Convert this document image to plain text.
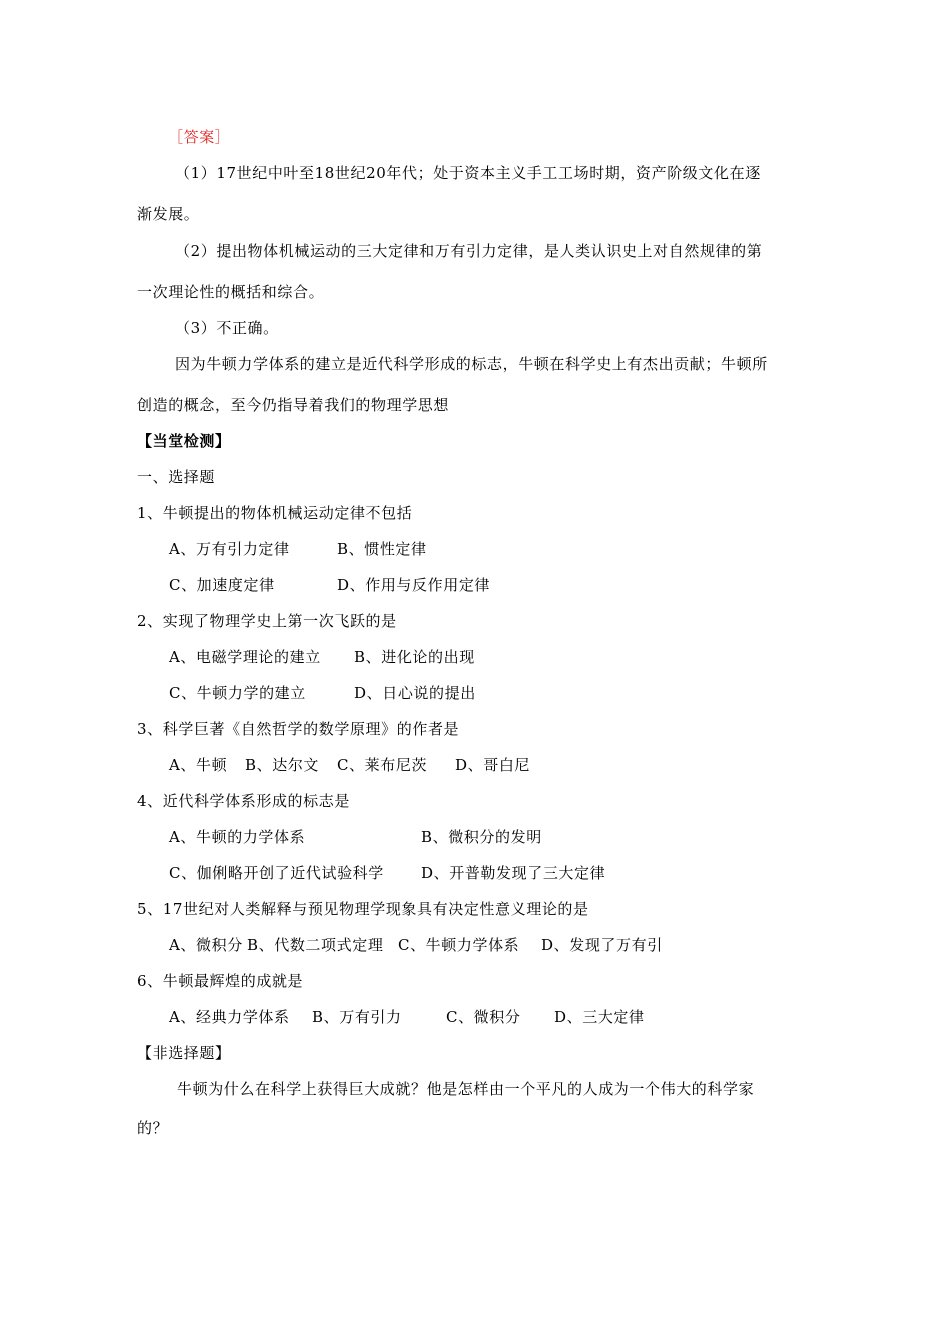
［答案］
（1）17世纪中叶至18世纪20年代；处于资本主义手工工场时期，资产阶级文化在逐
渐发展。
（2）提出物体机械运动的三大定律和万有引力定律，是人类认识史上对自然规律的第
一次理论性的概括和综合。
（3）不正确。
因为牛顿力学体系的建立是近代科学形成的标志，牛顿在科学史上有杰出贡献；牛顿所
创造的概念，至今仍指导着我们的物理学思想
【当堂检测】
一、选择题
1、牛顿提出的物体机械运动定律不包括
A、万有引力定律	B、惯性定律
C、加速度定律	D、作用与反作用定律
2、实现了物理学史上第一次飞跃的是
A、电磁学理论的建立 B、进化论的出现
C、牛顿力学的建立	D、日心说的提出
3、科学巨著《自然哲学的数学原理》的作者是
A、牛顿 B、达尔文 C、莱布尼茨 D、哥白尼
4、近代科学体系形成的标志是
A、牛顿的力学体系	B、微积分的发明
C、伽俐略开创了近代试验科学 D、开普勒发现了三大定律
5、17世纪对人类解释与预见物理学现象具有决定性意义理论的是
A、微积分 B、代数二项式定理 C、牛顿力学体系 D、发现了万有引
6、牛顿最辉煌的成就是
A、经典力学体系 B、万有引力	C、微积分 D、三大定律
【非选择题】
牛顿为什么在科学上获得巨大成就？他是怎样由一个平凡的人成为一个伟大的科学家
的？
